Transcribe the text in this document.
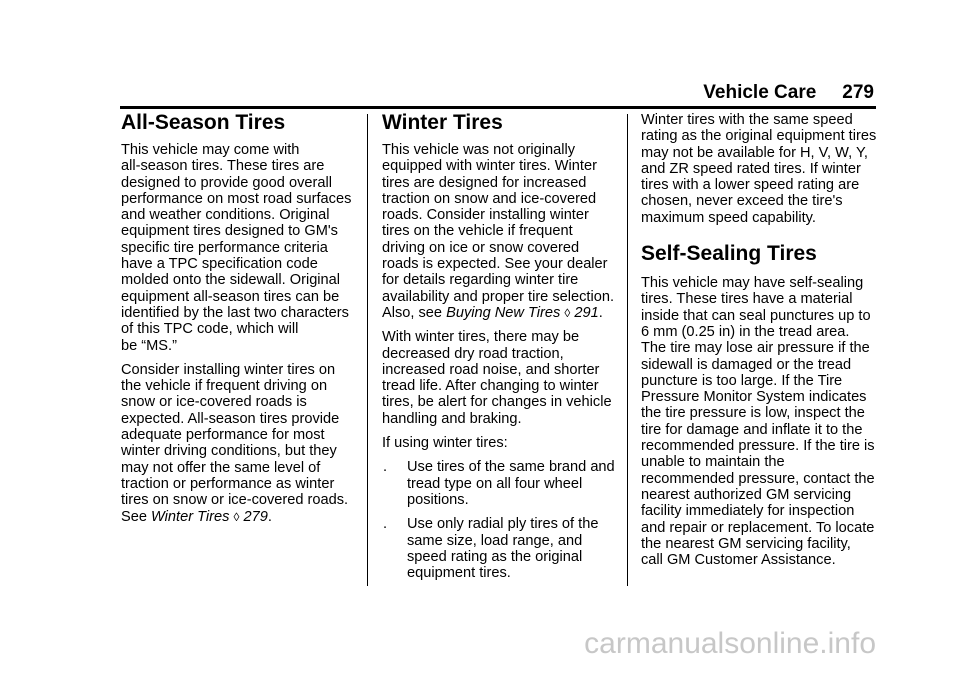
Vehicle Care 279
All-Season Tires

This vehicle may come with
all-season tires. These tires are
designed to provide good overall
performance on most road surfaces
and weather conditions. Original
equipment tires designed to GM's
specific tire performance criteria
have a TPC specification code
molded onto the sidewall. Original
equipment all-season tires can be
identified by the last two characters
of this TPC code, which will
be “MS.”

Consider installing winter tires on
the vehicle if frequent driving on
snow or ice-covered roads is
expected. All-season tires provide
adequate performance for most
winter driving conditions, but they
may not offer the same level of
traction or performance as winter
tires on snow or ice-covered roads.
See Winter Tires ◊ 279.

Winter Tires

This vehicle was not originally
equipped with winter tires. Winter
tires are designed for increased
traction on snow and ice-covered
roads. Consider installing winter
tires on the vehicle if frequent
driving on ice or snow covered
roads is expected. See your dealer
for details regarding winter tire
availability and proper tire selection.
Also, see Buying New Tires ◊ 291.

With winter tires, there may be
decreased dry road traction,
increased road noise, and shorter
tread life. After changing to winter
tires, be alert for changes in vehicle
handling and braking.

If using winter tires:

. Use tires of the same brand and
tread type on all four wheel
positions.
. Use only radial ply tires of the
same size, load range, and
speed rating as the original
equipment tires.

Winter tires with the same speed
rating as the original equipment tires
may not be available for H, V, W, Y,
and ZR speed rated tires. If winter
tires with a lower speed rating are
chosen, never exceed the tire's
maximum speed capability.

Self-Sealing Tires

This vehicle may have self-sealing
tires. These tires have a material
inside that can seal punctures up to
6 mm (0.25 in) in the tread area.
The tire may lose air pressure if the
sidewall is damaged or the tread
puncture is too large. If the Tire
Pressure Monitor System indicates
the tire pressure is low, inspect the
tire for damage and inflate it to the
recommended pressure. If the tire is
unable to maintain the
recommended pressure, contact the
nearest authorized GM servicing
facility immediately for inspection
and repair or replacement. To locate
the nearest GM servicing facility,
call GM Customer Assistance.

carmanualsonline.info
